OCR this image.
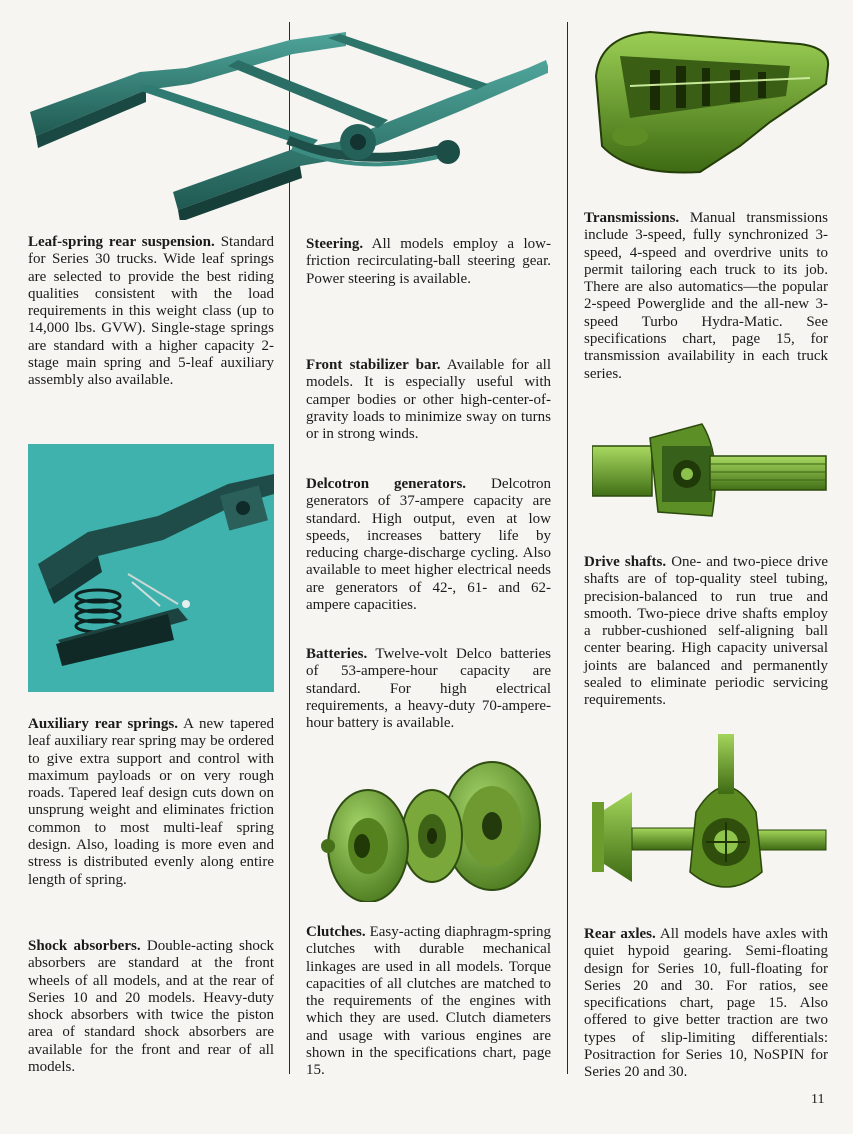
Leaf-spring rear suspension. Standard for Series 30 trucks. Wide leaf springs are selected to provide the best riding qualities consistent with the load requirements in this weight class (up to 14,000 lbs. GVW). Single-stage springs are standard with a higher capacity 2-stage main spring and 5-leaf auxiliary assembly also available.

Auxiliary rear springs. A new tapered leaf auxiliary rear spring may be ordered to give extra support and control with maximum payloads or on very rough roads. Tapered leaf design cuts down on unsprung weight and eliminates friction common to most multi-leaf spring design. Also, loading is more even and stress is distributed evenly along entire length of spring.

Shock absorbers. Double-acting shock absorbers are standard at the front wheels of all models, and at the rear of Series 10 and 20 models. Heavy-duty shock absorbers with twice the piston area of standard shock absorbers are available for the front and rear of all models.

Steering. All models employ a low-friction recirculating-ball steering gear. Power steering is available.

Front stabilizer bar. Available for all models. It is especially useful with camper bodies or other high-center-of-gravity loads to minimize sway on turns or in strong winds.

Delcotron generators. Delcotron generators of 37-ampere capacity are standard. High output, even at low speeds, increases battery life by reducing charge-discharge cycling. Also available to meet higher electrical needs are generators of 42-, 61- and 62-ampere capacities.

Batteries. Twelve-volt Delco batteries of 53-ampere-hour capacity are standard. For high electrical requirements, a heavy-duty 70-ampere-hour battery is available.

Clutches. Easy-acting diaphragm-spring clutches with durable mechanical linkages are used in all models. Torque capacities of all clutches are matched to the requirements of the engines with which they are used. Clutch diameters and usage with various engines are shown in the specifications chart, page 15.

Transmissions. Manual transmissions include 3-speed, fully synchronized 3-speed, 4-speed and overdrive units to permit tailoring each truck to its job. There are also automatics—the popular 2-speed Powerglide and the all-new 3-speed Turbo Hydra-Matic. See specifications chart, page 15, for transmission availability in each truck series.

Drive shafts. One- and two-piece drive shafts are of top-quality steel tubing, precision-balanced to run true and smooth. Two-piece drive shafts employ a rubber-cushioned self-aligning ball center bearing. High capacity universal joints are balanced and permanently sealed to eliminate periodic servicing requirements.

Rear axles. All models have axles with quiet hypoid gearing. Semi-floating design for Series 10, full-floating for Series 20 and 30. For ratios, see specifications chart, page 15. Also offered to give better traction are two types of slip-limiting differentials: Positraction for Series 10, NoSPIN for Series 20 and 30.

11
